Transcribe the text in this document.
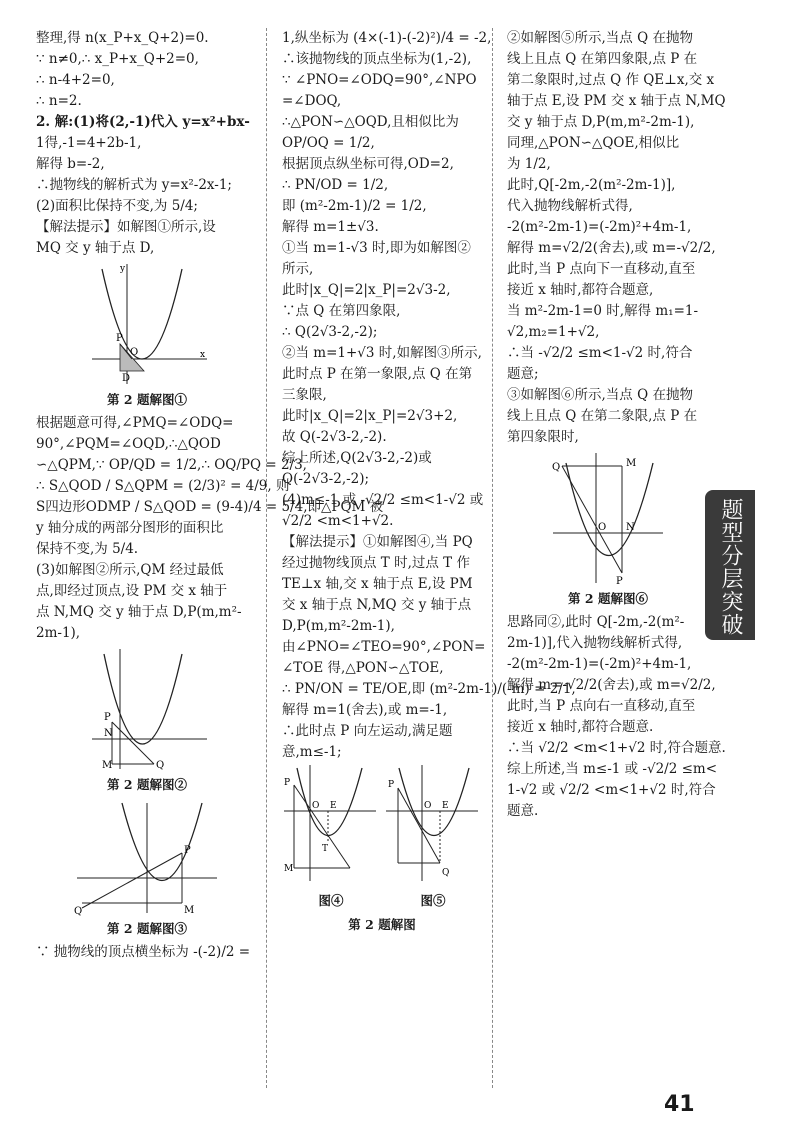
整理,得 n(x_P+x_Q+2)=0.
∵ n≠0,∴ x_P+x_Q+2=0,
∴ n-4+2=0,
∴ n=2.
2. 解:(1)将(2,-1)代入 y=x²+bx-
1得,-1=4+2b-1,
解得 b=-2,
∴抛物线的解析式为 y=x²-2x-1;
(2)面积比保持不变,为 5/4;
【解法提示】如解图①所示,设
MQ 交 y 轴于点 D,
P
O
D
x
y
第 2 题解图①
根据题意可得,∠PMQ=∠ODQ=
90°,∠PQM=∠OQD,∴△QOD
∽△QPM,∵ OP/QD = 1/2,∴ OQ/PQ = 2/3,
∴ S△QOD / S△QPM = (2/3)² = 4/9, 则
S四边形ODMP / S△QOD = (9-4)/4 = 5/4,即△PQM 被
y 轴分成的两部分图形的面积比
保持不变,为 5/4.
(3)如解图②所示,QM 经过最低
点,即经过顶点,设 PM 交 x 轴于
点 N,MQ 交 y 轴于点 D,P(m,m²-
2m-1),
P
N
M	Q
第 2 题解图②
P
Q	M
第 2 题解图③
∵ 抛物线的顶点横坐标为 -(-2)/2 =
1,纵坐标为 (4×(-1)-(-2)²)/4 = -2,
∴该抛物线的顶点坐标为(1,-2),
∵ ∠PNO=∠ODQ=90°,∠NPO
=∠DOQ,
∴△PON∽△OQD,且相似比为
OP/OQ = 1/2,
根据顶点纵坐标可得,OD=2,
∴ PN/OD = 1/2,
即 (m²-2m-1)/2 = 1/2,
解得 m=1±√3.
①当 m=1-√3 时,即为如解图②
所示,
此时|x_Q|=2|x_P|=2√3-2,
∵点 Q 在第四象限,
∴ Q(2√3-2,-2);
②当 m=1+√3 时,如解图③所示,
此时点 P 在第一象限,点 Q 在第
三象限,
此时|x_Q|=2|x_P|=2√3+2,
故 Q(-2√3-2,-2).
综上所述,Q(2√3-2,-2)或
Q(-2√3-2,-2);
(4)m≤-1 或 -√2/2 ≤m<1-√2 或
√2/2 <m<1+√2.
【解法提示】①如解图④,当 PQ
经过抛物线顶点 T 时,过点 T 作
TE⊥x 轴,交 x 轴于点 E,设 PM
交 x 轴于点 N,MQ 交 y 轴于点
D,P(m,m²-2m-1),
由∠PNO=∠TEO=90°,∠PON=
∠TOE 得,△PON∽△TOE,
∴ PN/ON = TE/OE,即 (m²-2m-1)/(-m) = 2/1,
解得 m=1(舍去),或 m=-1,
∴此时点 P 向左运动,满足题
意,m≤-1;
P
O E
T
M
图④
P
O E
Q
图⑤
第 2 题解图
②如解图⑤所示,当点 Q 在抛物
线上且点 Q 在第四象限,点 P 在
第二象限时,过点 Q 作 QE⊥x,交 x
轴于点 E,设 PM 交 x 轴于点 N,MQ
交 y 轴于点 D,P(m,m²-2m-1),
同理,△PON∽△QOE,相似比
为 1/2,
此时,Q[-2m,-2(m²-2m-1)],
代入抛物线解析式得,
-2(m²-2m-1)=(-2m)²+4m-1,
解得 m=√2/2(舍去),或 m=-√2/2,
此时,当 P 点向下一直移动,直至
接近 x 轴时,都符合题意,
当 m²-2m-1=0 时,解得 m₁=1-
√2,m₂=1+√2,
∴当 -√2/2 ≤m<1-√2 时,符合
题意;
③如解图⑥所示,当点 Q 在抛物
线上且点 Q 在第二象限,点 P 在
第四象限时,
Q	M
O N
P
第 2 题解图⑥
思路同②,此时 Q[-2m,-2(m²-
2m-1)],代入抛物线解析式得,
-2(m²-2m-1)=(-2m)²+4m-1,
解得 m=-√2/2(舍去),或 m=√2/2,
此时,当 P 点向右一直移动,直至
接近 x 轴时,都符合题意.
∴当 √2/2 <m<1+√2 时,符合题意.
综上所述,当 m≤-1 或 -√2/2 ≤m<
1-√2 或 √2/2 <m<1+√2 时,符合
题意.
题型分层突破
41
